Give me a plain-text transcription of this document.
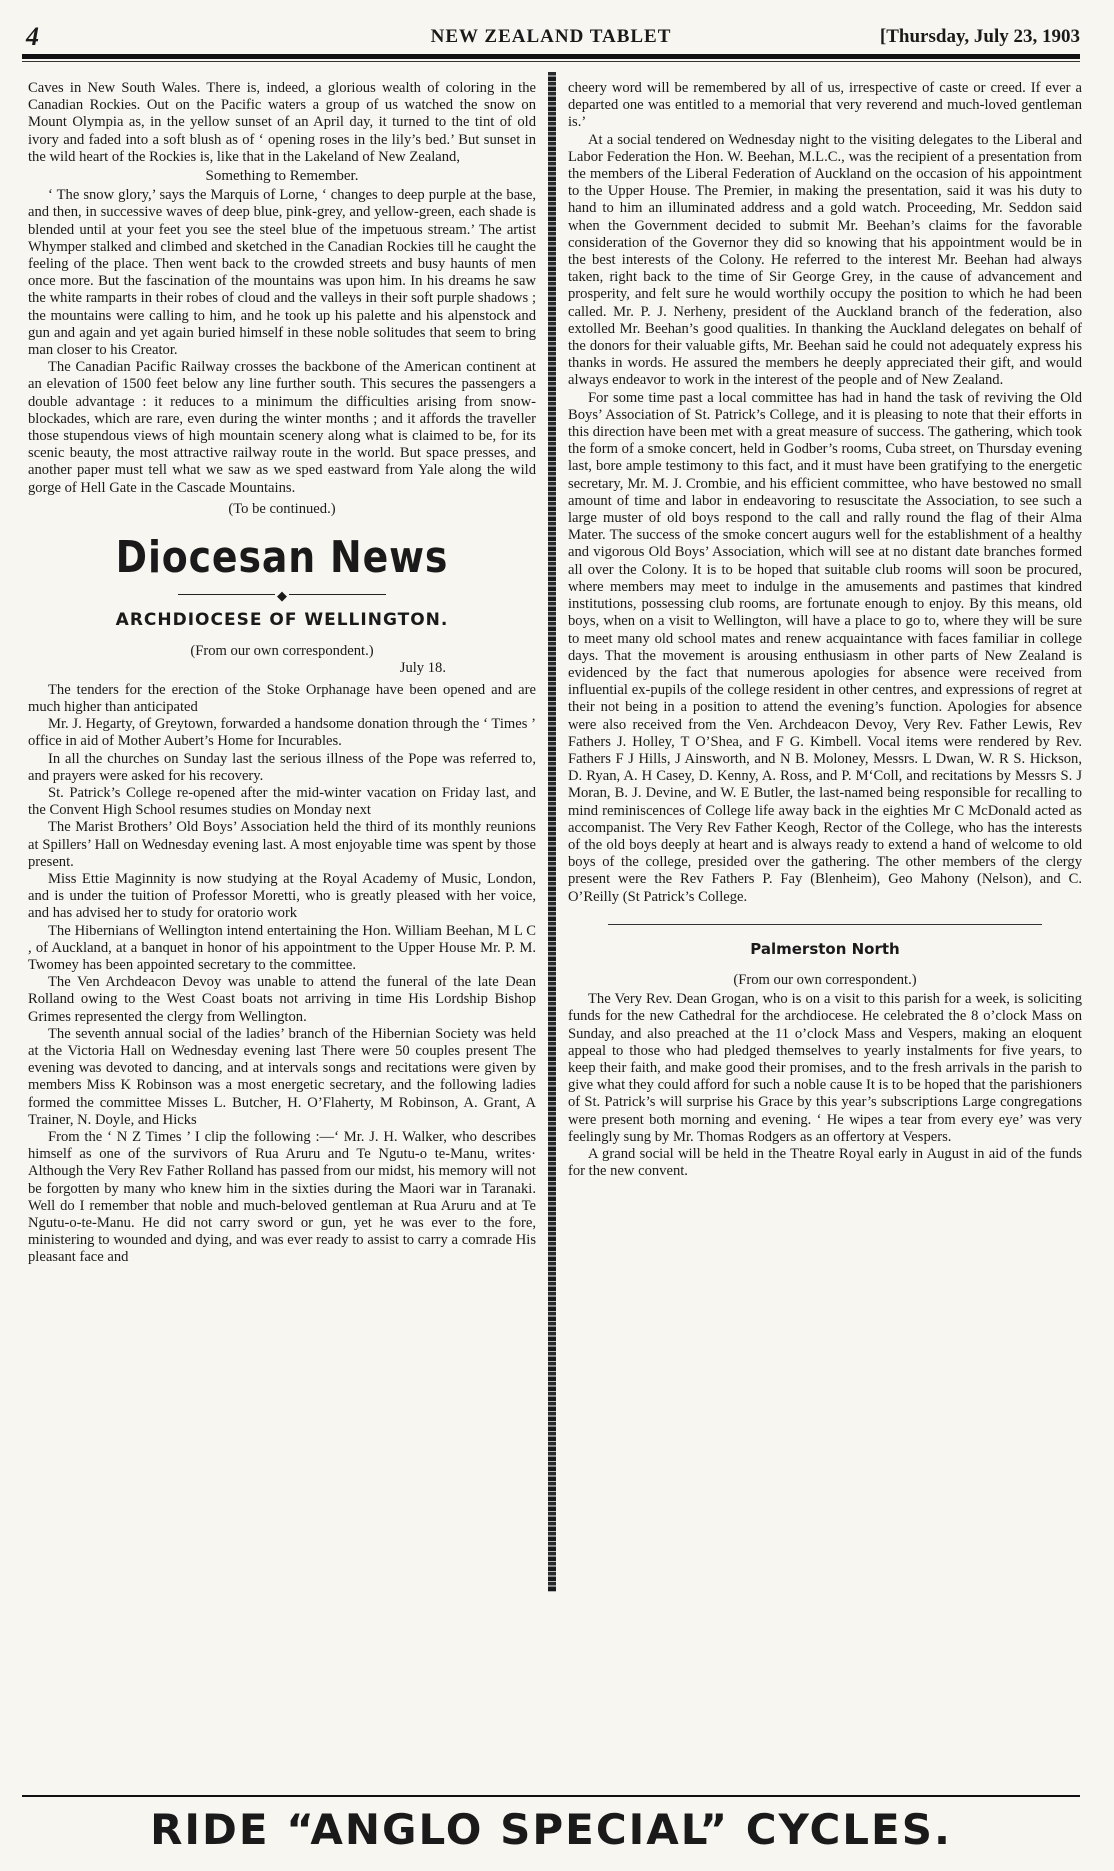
4	NEW ZEALAND TABLET	[Thursday, July 23, 1903

Caves in New South Wales. There is, indeed, a glorious wealth of coloring in the Canadian Rockies. Out on the Pacific waters a group of us watched the snow on Mount Olympia as, in the yellow sunset of an April day, it turned to the tint of old ivory and faded into a soft blush as of ‘ opening roses in the lily’s bed.’ But sunset in the wild heart of the Rockies is, like that in the Lakeland of New Zealand,

Something to Remember.

‘ The snow glory,’ says the Marquis of Lorne, ‘ changes to deep purple at the base, and then, in successive waves of deep blue, pink-grey, and yellow-green, each shade is blended until at your feet you see the steel blue of the impetuous stream.’ The artist Whymper stalked and climbed and sketched in the Canadian Rockies till he caught the feeling of the place. Then went back to the crowded streets and busy haunts of men once more. But the fascination of the mountains was upon him. In his dreams he saw the white ramparts in their robes of cloud and the valleys in their soft purple shadows ; the mountains were calling to him, and he took up his palette and his alpenstock and gun and again and yet again buried himself in these noble solitudes that seem to bring man closer to his Creator.

The Canadian Pacific Railway crosses the backbone of the American continent at an elevation of 1500 feet below any line further south. This secures the passengers a double advantage : it reduces to a minimum the difficulties arising from snow-blockades, which are rare, even during the winter months ; and it affords the traveller those stupendous views of high mountain scenery along what is claimed to be, for its scenic beauty, the most attractive railway route in the world. But space presses, and another paper must tell what we saw as we sped eastward from Yale along the wild gorge of Hell Gate in the Cascade Mountains.

(To be continued.)
Diocesan News
◆
ARCHDIOCESE OF WELLINGTON.
(From our own correspondent.)
July 18.

The tenders for the erection of the Stoke Orphanage have been opened and are much higher than anticipated

Mr. J. Hegarty, of Greytown, forwarded a handsome donation through the ‘ Times ’ office in aid of Mother Aubert’s Home for Incurables.

In all the churches on Sunday last the serious illness of the Pope was referred to, and prayers were asked for his recovery.

St. Patrick’s College re-opened after the mid-winter vacation on Friday last, and the Convent High School resumes studies on Monday next

The Marist Brothers’ Old Boys’ Association held the third of its monthly reunions at Spillers’ Hall on Wednesday evening last. A most enjoyable time was spent by those present.

Miss Ettie Maginnity is now studying at the Royal Academy of Music, London, and is under the tuition of Professor Moretti, who is greatly pleased with her voice, and has advised her to study for oratorio work

The Hibernians of Wellington intend entertaining the Hon. William Beehan, M L C , of Auckland, at a banquet in honor of his appointment to the Upper House Mr. P. M. Twomey has been appointed secretary to the committee.

The Ven Archdeacon Devoy was unable to attend the funeral of the late Dean Rolland owing to the West Coast boats not arriving in time His Lordship Bishop Grimes represented the clergy from Wellington.

The seventh annual social of the ladies’ branch of the Hibernian Society was held at the Victoria Hall on Wednesday evening last There were 50 couples present The evening was devoted to dancing, and at intervals songs and recitations were given by members Miss K Robinson was a most energetic secretary, and the following ladies formed the committee Misses L. Butcher, H. O’Flaherty, M Robinson, A. Grant, A Trainer, N. Doyle, and Hicks

From the ‘ N Z Times ’ I clip the following :—‘ Mr. J. H. Walker, who describes himself as one of the survivors of Rua Aruru and Te Ngutu-o te-Manu, writes· Although the Very Rev Father Rolland has passed from our midst, his memory will not be forgotten by many who knew him in the sixties during the Maori war in Taranaki. Well do I remember that noble and much-beloved gentleman at Rua Aruru and at Te Ngutu-o-te-Manu. He did not carry sword or gun, yet he was ever to the fore, ministering to wounded and dying, and was ever ready to assist to carry a comrade His pleasant face and

cheery word will be remembered by all of us, irrespective of caste or creed. If ever a departed one was entitled to a memorial that very reverend and much-loved gentleman is.’

At a social tendered on Wednesday night to the visiting delegates to the Liberal and Labor Federation the Hon. W. Beehan, M.L.C., was the recipient of a presentation from the members of the Liberal Federation of Auckland on the occasion of his appointment to the Upper House. The Premier, in making the presentation, said it was his duty to hand to him an illuminated address and a gold watch. Proceeding, Mr. Seddon said when the Government decided to submit Mr. Beehan’s claims for the favorable consideration of the Governor they did so knowing that his appointment would be in the best interests of the Colony. He referred to the interest Mr. Beehan had always taken, right back to the time of Sir George Grey, in the cause of advancement and prosperity, and felt sure he would worthily occupy the position to which he had been called. Mr. P. J. Nerheny, president of the Auckland branch of the federation, also extolled Mr. Beehan’s good qualities. In thanking the Auckland delegates on behalf of the donors for their valuable gifts, Mr. Beehan said he could not adequately express his thanks in words. He assured the members he deeply appreciated their gift, and would always endeavor to work in the interest of the people and of New Zealand.

For some time past a local committee has had in hand the task of reviving the Old Boys’ Association of St. Patrick’s College, and it is pleasing to note that their efforts in this direction have been met with a great measure of success. The gathering, which took the form of a smoke concert, held in Godber’s rooms, Cuba street, on Thursday evening last, bore ample testimony to this fact, and it must have been gratifying to the energetic secretary, Mr. M. J. Crombie, and his efficient committee, who have bestowed no small amount of time and labor in endeavoring to resuscitate the Association, to see such a large muster of old boys respond to the call and rally round the flag of their Alma Mater. The success of the smoke concert augurs well for the establishment of a healthy and vigorous Old Boys’ Association, which will see at no distant date branches formed all over the Colony. It is to be hoped that suitable club rooms will soon be procured, where members may meet to indulge in the amusements and pastimes that kindred institutions, possessing club rooms, are fortunate enough to enjoy. By this means, old boys, when on a visit to Wellington, will have a place to go to, where they will be sure to meet many old school mates and renew acquaintance with faces familiar in college days. That the movement is arousing enthusiasm in other parts of New Zealand is evidenced by the fact that numerous apologies for absence were received from influential ex-pupils of the college resident in other centres, and expressions of regret at their not being in a position to attend the evening’s function. Apologies for absence were also received from the Ven. Archdeacon Devoy, Very Rev. Father Lewis, Rev Fathers J. Holley, T O’Shea, and F G. Kimbell. Vocal items were rendered by Rev. Fathers F J Hills, J Ainsworth, and N B. Moloney, Messrs. L Dwan, W. R S. Hickson, D. Ryan, A. H Casey, D. Kenny, A. Ross, and P. M‘Coll, and recitations by Messrs S. J Moran, B. J. Devine, and W. E Butler, the last-named being responsible for recalling to mind reminiscences of College life away back in the eighties Mr C McDonald acted as accompanist. The Very Rev Father Keogh, Rector of the College, who has the interests of the old boys deeply at heart and is always ready to extend a hand of welcome to old boys of the college, presided over the gathering. The other members of the clergy present were the Rev Fathers P. Fay (Blenheim), Geo Mahony (Nelson), and C. O’Reilly (St Patrick’s College.

Palmerston North
(From our own correspondent.)

The Very Rev. Dean Grogan, who is on a visit to this parish for a week, is soliciting funds for the new Cathedral for the archdiocese. He celebrated the 8 o’clock Mass on Sunday, and also preached at the 11 o’clock Mass and Vespers, making an eloquent appeal to those who had pledged themselves to yearly instalments for five years, to keep their faith, and make good their promises, and to the fresh arrivals in the parish to give what they could afford for such a noble cause It is to be hoped that the parishioners of St. Patrick’s will surprise his Grace by this year’s subscriptions Large congregations were present both morning and evening. ‘ He wipes a tear from every eye’ was very feelingly sung by Mr. Thomas Rodgers as an offertory at Vespers.

A grand social will be held in the Theatre Royal early in August in aid of the funds for the new convent.

RIDE “ANGLO SPECIAL” CYCLES.
